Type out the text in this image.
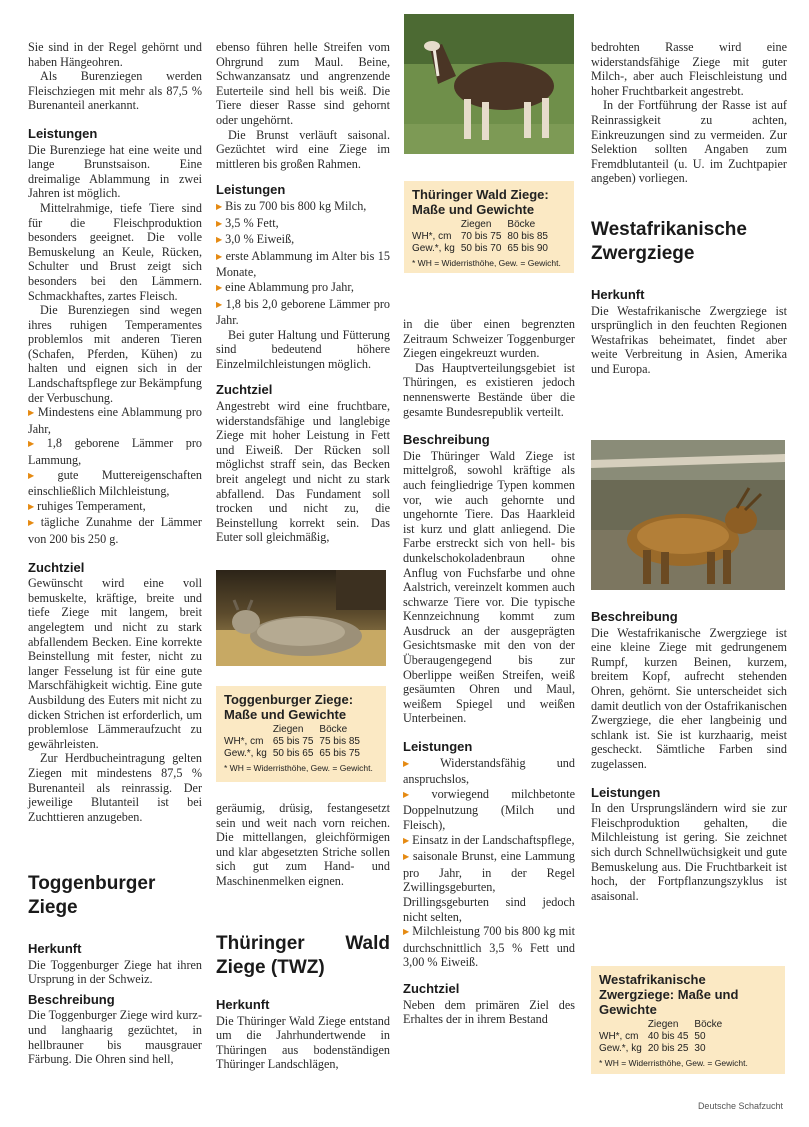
Sie sind in der Regel gehörnt und haben Hängeohren.

Als Burenziegen werden Fleischziegen mit mehr als 87,5 % Burenanteil anerkannt.

Leistungen

Die Burenziege hat eine weite und lange Brunstsaison. Eine dreimalige Ablammung in zwei Jahren ist möglich.

Mittelrahmige, tiefe Tiere sind für die Fleischproduktion besonders geeignet. Die volle Bemuskelung an Keule, Rücken, Schulter und Brust zeigt sich besonders bei den Lämmern. Schmackhaftes, zartes Fleisch.

Die Burenziegen sind wegen ihres ruhigen Temperamentes problemlos mit anderen Tieren (Schafen, Pferden, Kühen) zu halten und eignen sich in der Landschaftspflege zur Bekämpfung der Verbuschung.

▶ Mindestens eine Ablammung pro Jahr,
▶ 1,8 geborene Lämmer pro Lammung,
▶ gute Muttereigenschaften einschließlich Milchleistung,
▶ ruhiges Temperament,
▶ tägliche Zunahme der Lämmer von 200 bis 250 g.
Zuchtziel

Gewünscht wird eine voll bemuskelte, kräftige, breite und tiefe Ziege mit langem, breit angelegtem und nicht zu stark abfallendem Becken. Eine korrekte Beinstellung mit fester, nicht zu langer Fesselung ist für eine gute Marschfähigkeit wichtig. Eine gute Ausbildung des Euters mit nicht zu dicken Strichen ist erforderlich, um problemlose Lämmeraufzucht zu gewährleisten.

Zur Herdbucheintragung gelten Ziegen mit mindestens 87,5 % Burenanteil als reinrassig. Der jeweilige Blutanteil ist bei Zuchttieren anzugeben.

Toggenburger Ziege
Herkunft

Die Toggenburger Ziege hat ihren Ursprung in der Schweiz.

Beschreibung

Die Toggenburger Ziege wird kurz- und langhaarig gezüchtet, in hellbrauner bis mausgrauer Färbung. Die Ohren sind hell,

ebenso führen helle Streifen vom Ohrgrund zum Maul. Beine, Schwanzansatz und angrenzende Euterteile sind hell bis weiß. Die Tiere dieser Rasse sind gehornt oder ungehörnt.

Die Brunst verläuft saisonal. Gezüchtet wird eine Ziege im mittleren bis großen Rahmen.

Leistungen
▶ Bis zu 700 bis 800 kg Milch,
▶ 3,5 % Fett,
▶ 3,0 % Eiweiß,
▶ erste Ablammung im Alter bis 15 Monate,
▶ eine Ablammung pro Jahr,
▶ 1,8 bis 2,0 geborene Lämmer pro Jahr.

Bei guter Haltung und Fütterung sind bedeutend höhere Einzelmilchleistungen möglich.

Zuchtziel

Angestrebt wird eine fruchtbare, widerstandsfähige und langlebige Ziege mit hoher Leistung in Fett und Eiweiß. Der Rücken soll möglichst straff sein, das Becken breit angelegt und nicht zu stark abfallend. Das Fundament soll trocken und nicht zu, die Beinstellung korrekt sein. Das Euter soll gleichmäßig,

Toggenburger Ziege: Maße und Gewichte
	Ziegen	Böcke
WH*, cm	65 bis 75	75 bis 85
Gew.*, kg	50 bis 65	65 bis 75
* WH = Widerristhöhe, Gew. = Gewicht.

geräumig, drüsig, festangesetzt sein und weit nach vorn reichen. Die mittellangen, gleichförmigen und klar abgesetzten Striche sollen sich gut zum Hand- und Maschinenmelken eignen.

Thüringer Wald Ziege (TWZ)
Herkunft

Die Thüringer Wald Ziege entstand um die Jahrhundertwende in Thüringen aus bodenständigen Thüringer Landschlägen,

Thüringer Wald Ziege: Maße und Gewichte
	Ziegen	Böcke
WH*, cm	70 bis 75	80 bis 85
Gew.*, kg	50 bis 70	65 bis 90
* WH = Widerristhöhe, Gew. = Gewicht.

in die über einen begrenzten Zeitraum Schweizer Toggenburger Ziegen eingekreuzt wurden.

Das Hauptverteilungsgebiet ist Thüringen, es existieren jedoch nennenswerte Bestände über die gesamte Bundesrepublik verteilt.

Beschreibung

Die Thüringer Wald Ziege ist mittelgroß, sowohl kräftige als auch feingliedrige Typen kommen vor, wie auch gehornte und ungehornte Tiere. Das Haarkleid ist kurz und glatt anliegend. Die Farbe erstreckt sich von hell- bis dunkelschokoladenbraun ohne Anflug von Fuchsfarbe und ohne Aalstrich, vereinzelt kommen auch schwarze Tiere vor. Die typische Kennzeichnung kommt zum Ausdruck an der ausgeprägten Gesichtsmaske mit den von der Überaugengegend bis zur Oberlippe weißen Streifen, weiß gesäumten Ohren und Maul, weißem Spiegel und weißen Unterbeinen.

Leistungen
▶ Widerstandsfähig und anspruchslos,
▶ vorwiegend milchbetonte Doppelnutzung (Milch und Fleisch),
▶ Einsatz in der Landschaftspflege,
▶ saisonale Brunst, eine Lammung pro Jahr, in der Regel Zwillingsgeburten, Drillingsgeburten sind jedoch nicht selten,
▶ Milchleistung 700 bis 800 kg mit durchschnittlich 3,5 % Fett und 3,00 % Eiweiß.
Zuchtziel

Neben dem primären Ziel des Erhaltes der in ihrem Bestand

bedrohten Rasse wird eine widerstandsfähige Ziege mit guter Milch-, aber auch Fleischleistung und hoher Fruchtbarkeit angestrebt.

In der Fortführung der Rasse ist auf Reinrassigkeit zu achten, Einkreuzungen sind zu vermeiden. Zur Selektion sollten Angaben zum Fremdblutanteil (u. U. im Zuchtpapier angeben) vorliegen.

Westafrikanische Zwergziege
Herkunft

Die Westafrikanische Zwergziege ist ursprünglich in den feuchten Regionen Westafrikas beheimatet, findet aber weite Verbreitung in Asien, Amerika und Europa.

Beschreibung

Die Westafrikanische Zwergziege ist eine kleine Ziege mit gedrungenem Rumpf, kurzen Beinen, kurzem, breitem Kopf, aufrecht stehenden Ohren, gehörnt. Sie unterscheidet sich damit deutlich von der Ostafrikanischen Zwergziege, die eher langbeinig und schlank ist. Sie ist kurzhaarig, meist gescheckt. Sämtliche Farben sind zugelassen.

Leistungen

In den Ursprungsländern wird sie zur Fleischproduktion gehalten, die Milchleistung ist gering. Sie zeichnet sich durch Schnellwüchsigkeit und gute Bemuskelung aus. Die Fruchtbarkeit ist hoch, der Fortpflanzungszyklus ist asaisonal.

Westafrikanische Zwergziege: Maße und Gewichte
	Ziegen	Böcke
WH*, cm	40 bis 45	50
Gew.*, kg	20 bis 25	30
* WH = Widerristhöhe, Gew. = Gewicht.
Deutsche Schafzucht
